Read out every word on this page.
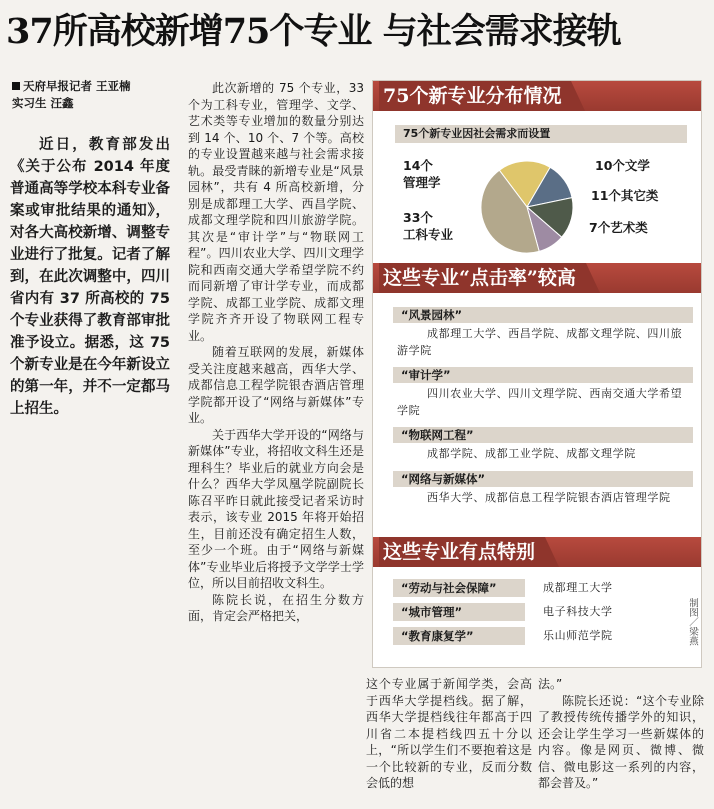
37所高校新增75个专业 与社会需求接轨
天府早报记者 王亚楠
实习生 汪鑫
近日，教育部发出《关于公布 2014 年度普通高等学校本科专业备案或审批结果的通知》，对各大高校新增、调整专业进行了批复。记者了解到，在此次调整中，四川省内有 37 所高校的 75 个专业获得了教育部审批准予设立。据悉，这 75 个新专业是在今年新设立的第一年，并不一定都马上招生。

此次新增的 75 个专业，33 个为工科专业，管理学、文学、艺术类等专业增加的数量分别达到 14 个、10 个、7 个等。高校的专业设置越来越与社会需求接轨。最受青睐的新增专业是“风景园林”，共有 4 所高校新增，分别是成都理工大学、西昌学院、成都文理学院和四川旅游学院。其次是“审计学”与“物联网工程”。四川农业大学、四川文理学院和西南交通大学希望学院不约而同新增了审计学专业，而成都学院、成都工业学院、成都文理学院齐齐开设了物联网工程专业。

随着互联网的发展，新媒体受关注度越来越高，西华大学、成都信息工程学院银杏酒店管理学院都开设了“网络与新媒体”专业。

关于西华大学开设的“网络与新媒体”专业，将招收文科生还是理科生？毕业后的就业方向会是什么？西华大学凤凰学院副院长陈召平昨日就此接受记者采访时表示，该专业 2015 年将开始招生，目前还没有确定招生人数，至少一个班。由于“网络与新媒体”专业毕业后将授予文学学士学位，所以目前招收文科生。

陈院长说，在招生分数方面，肯定会严格把关，

75个新专业分布情况
75个新专业因社会需求而设置
14个
管理学
33个
工科专业
10个文学
11个其它类
7个艺术类
这些专业“点击率”较高
“风景园林”
成都理工大学、西昌学院、成都文理学院、四川旅游学院
“审计学”
四川农业大学、四川文理学院、西南交通大学希望学院
“物联网工程”
成都学院、成都工业学院、成都文理学院
“网络与新媒体”
西华大学、成都信息工程学院银杏酒店管理学院
这些专业有点特别
“劳动与社会保障”	成都理工大学
“城市管理”	电子科技大学
“教育康复学”	乐山师范学院	制图／梁燕

这个专业属于新闻学类，会高于西华大学提档线。据了解，西华大学提档线往年都高于四川省二本提档线四五十分以上，“所以学生们不要抱着这是一个比较新的专业，反而分数会低的想

法。”

陈院长还说：“这个专业除了教授传统传播学外的知识，还会让学生学习一些新媒体的内容。像是网页、微博、微信、微电影这一系列的内容，都会普及。”
